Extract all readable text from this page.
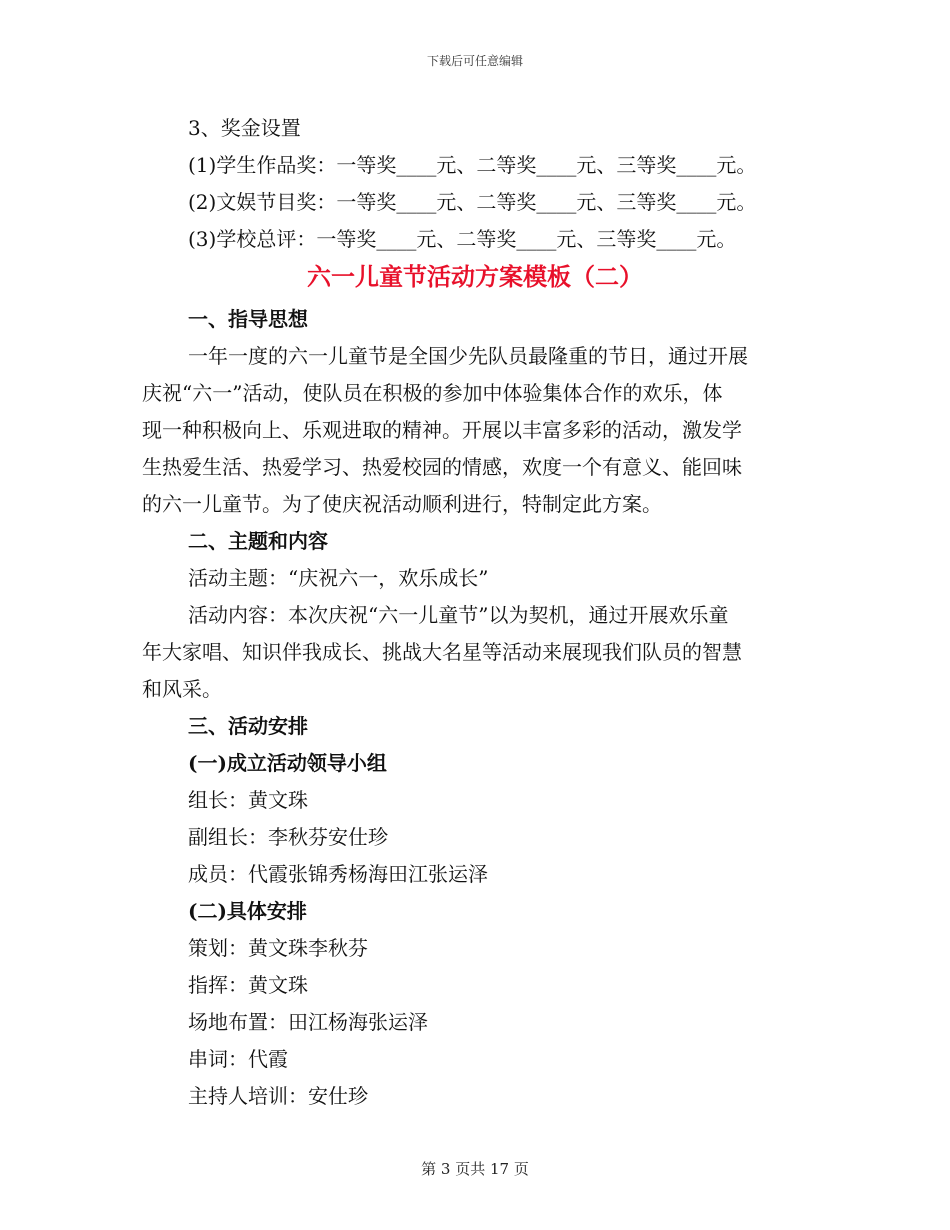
下载后可任意编辑
3、奖金设置
(1)学生作品奖：一等奖____元、二等奖____元、三等奖____元。
(2)文娱节目奖：一等奖____元、二等奖____元、三等奖____元。
(3)学校总评：一等奖____元、二等奖____元、三等奖____元。
六一儿童节活动方案模板（二）
一、指导思想
一年一度的六一儿童节是全国少先队员最隆重的节日，通过开展
庆祝“六一”活动，使队员在积极的参加中体验集体合作的欢乐，体
现一种积极向上、乐观进取的精神。开展以丰富多彩的活动，激发学
生热爱生活、热爱学习、热爱校园的情感，欢度一个有意义、能回味
的六一儿童节。为了使庆祝活动顺利进行，特制定此方案。
二、主题和内容
活动主题：“庆祝六一，欢乐成长”
活动内容：本次庆祝“六一儿童节”以为契机，通过开展欢乐童
年大家唱、知识伴我成长、挑战大名星等活动来展现我们队员的智慧
和风采。
三、活动安排
(一)成立活动领导小组
组长：黄文珠
副组长：李秋芬安仕珍
成员：代霞张锦秀杨海田江张运泽
(二)具体安排
策划：黄文珠李秋芬
指挥：黄文珠
场地布置：田江杨海张运泽
串词：代霞
主持人培训：安仕珍
第 3 页共 17 页
